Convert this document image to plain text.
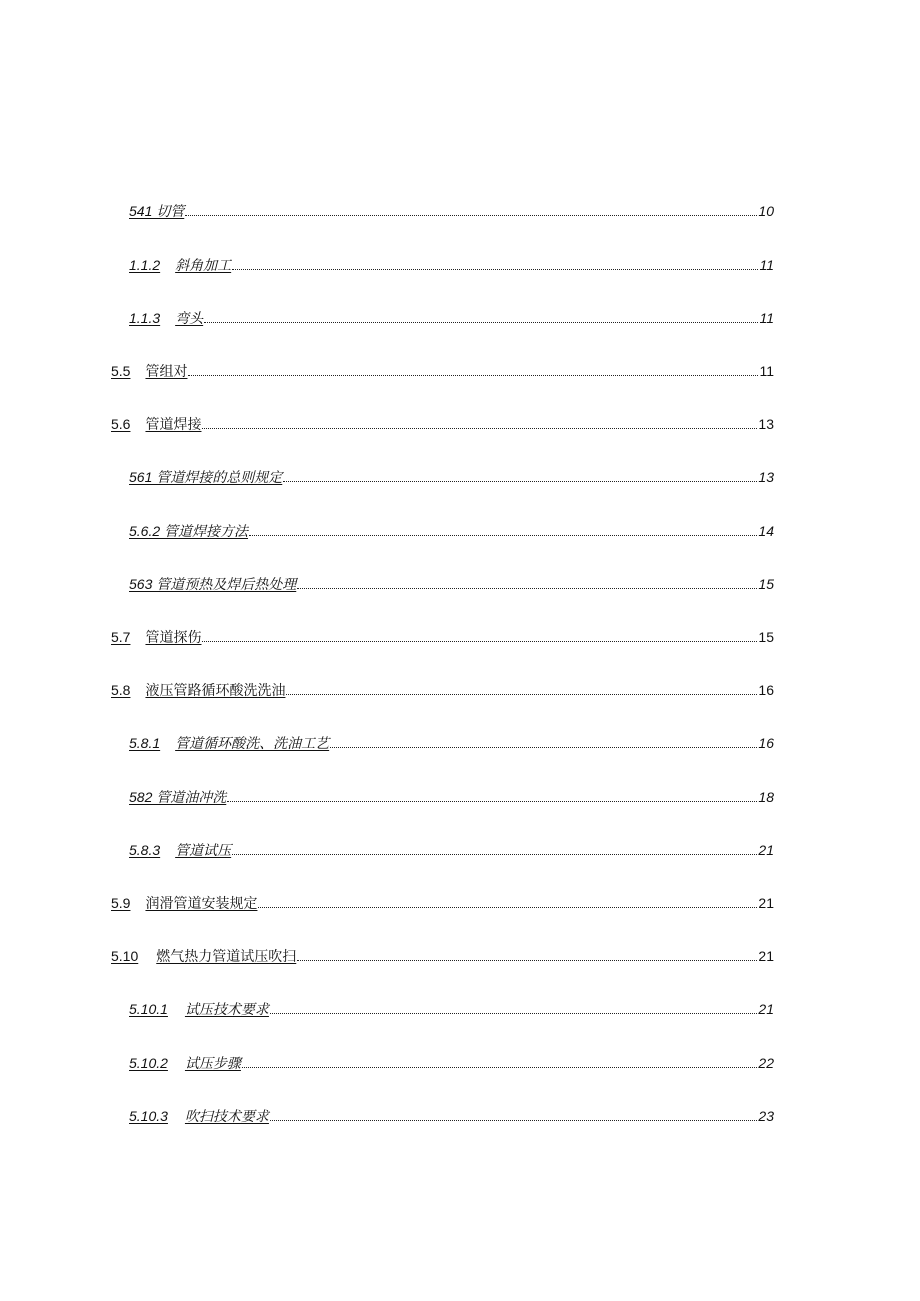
541 切管	10
1.1.2 斜角加工	11
1.1.3 弯头	11
5.5 管组对	11
5.6 管道焊接	13
561 管道焊接的总则规定	13
5.6.2 管道焊接方法	14
563 管道预热及焊后热处理	15
5.7 管道探伤	15
5.8 液压管路循环酸洗洗油	16
5.8.1 管道循环酸洗、洗油工艺	16
582 管道油冲洗	18
5.8.3 管道试压	21
5.9 润滑管道安装规定	21
5.10 燃气热力管道试压吹扫	21
5.10.1 试压技术要求	21
5.10.2 试压步骤	22
5.10.3 吹扫技术要求	23
